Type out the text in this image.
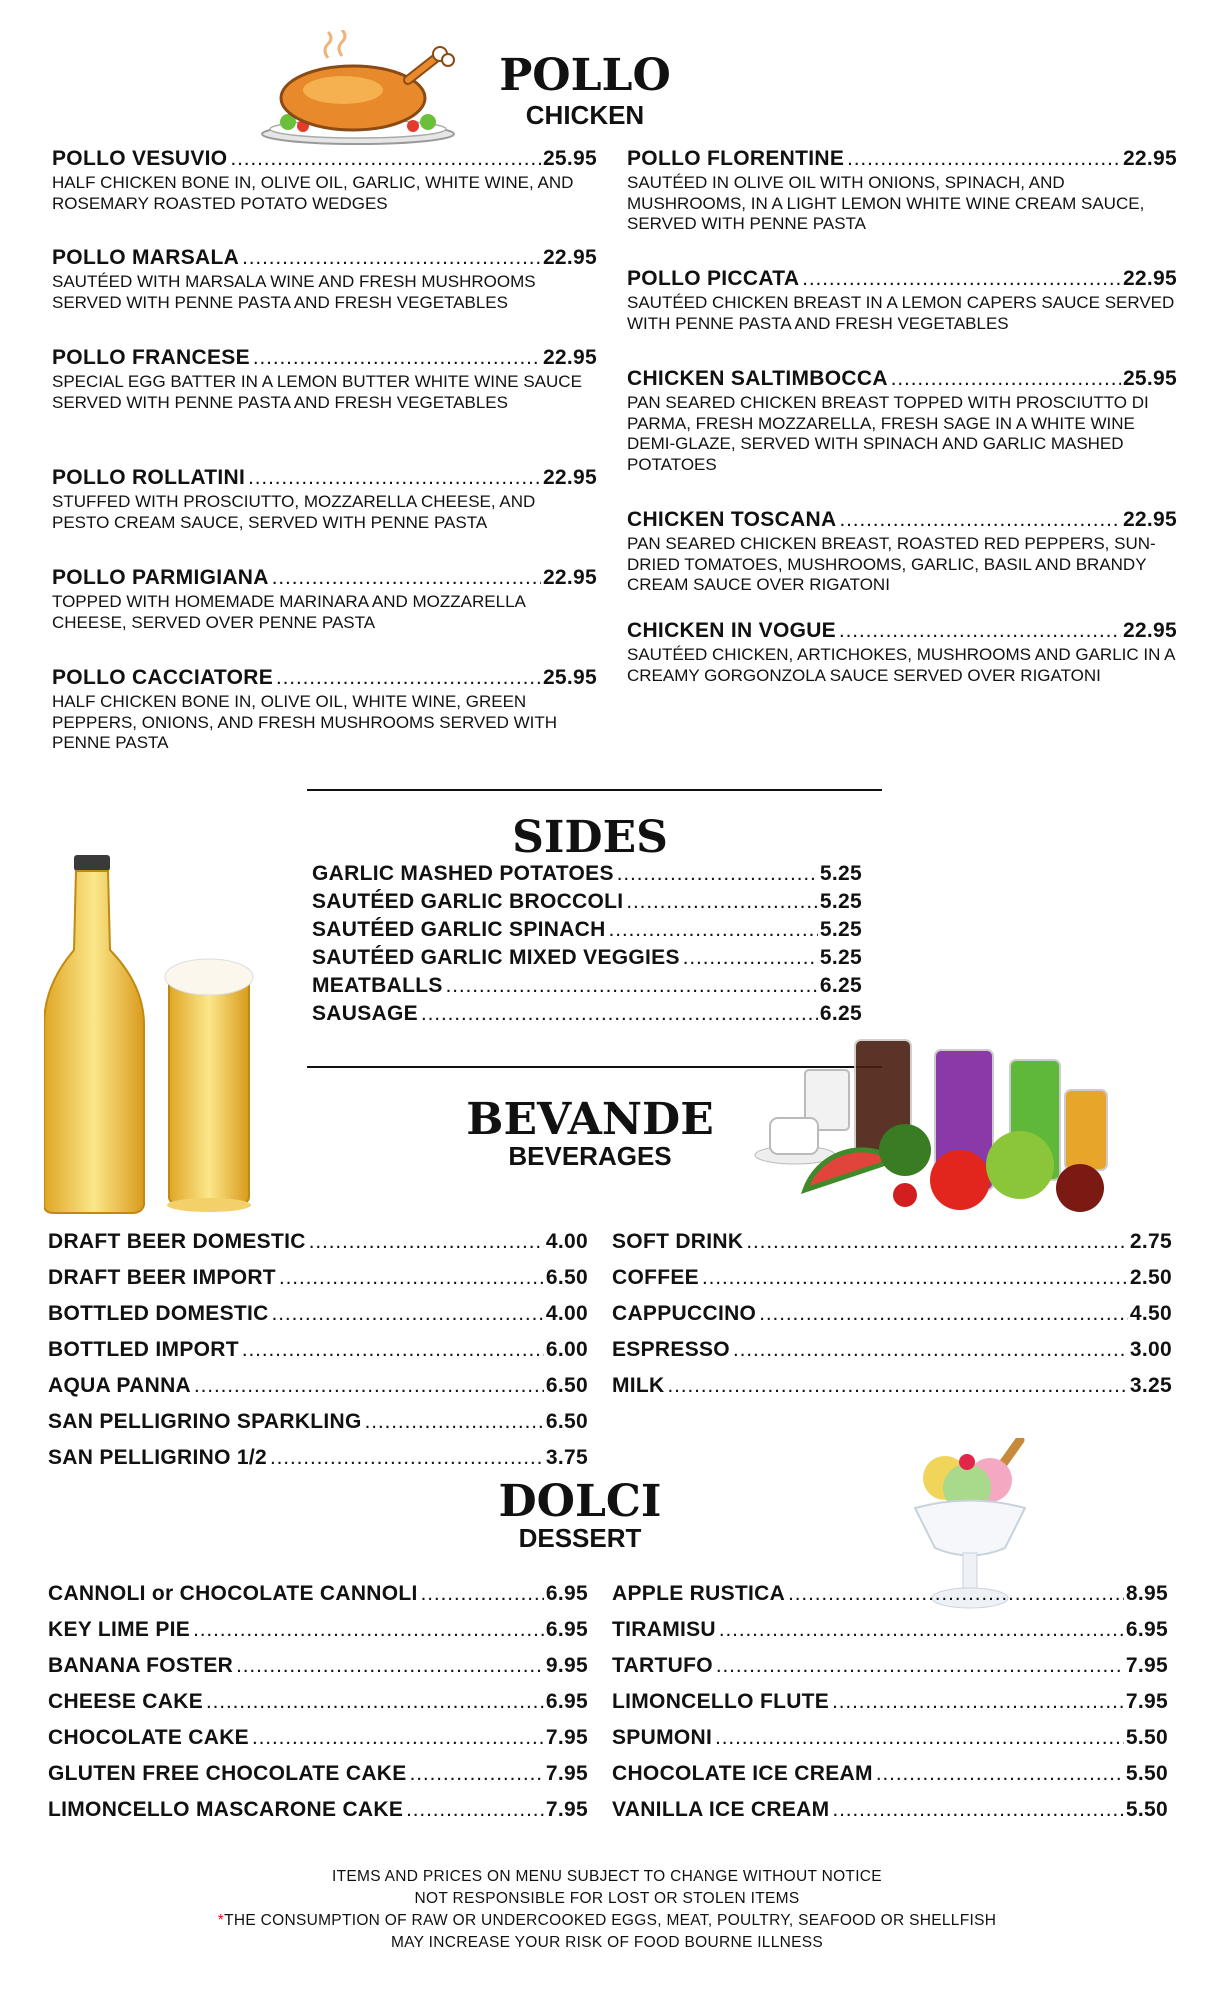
POLLO
CHICKEN
POLLO VESUVIO ………………………………………………………………………………………………………………………………………………	25.95
HALF CHICKEN BONE IN, OLIVE OIL, GARLIC, WHITE WINE, AND ROSEMARY ROASTED POTATO WEDGES
POLLO MARSALA ………………………………………………………………………………………………………………………………………………	22.95
SAUTÉED WITH MARSALA WINE AND FRESH MUSHROOMS SERVED WITH PENNE PASTA AND FRESH VEGETABLES
POLLO FRANCESE ………………………………………………………………………………………………………………………………………………	22.95
SPECIAL EGG BATTER IN A LEMON BUTTER WHITE WINE SAUCE SERVED WITH PENNE PASTA AND FRESH VEGETABLES
POLLO ROLLATINI ………………………………………………………………………………………………………………………………………………	22.95
STUFFED WITH PROSCIUTTO, MOZZARELLA CHEESE, AND PESTO CREAM SAUCE, SERVED WITH PENNE PASTA
POLLO PARMIGIANA ………………………………………………………………………………………………………………………………………………	22.95
TOPPED WITH HOMEMADE MARINARA AND MOZZARELLA CHEESE, SERVED OVER PENNE PASTA
POLLO CACCIATORE ………………………………………………………………………………………………………………………………………………	25.95
HALF CHICKEN BONE IN, OLIVE OIL, WHITE WINE, GREEN PEPPERS, ONIONS, AND FRESH MUSHROOMS SERVED WITH PENNE PASTA
POLLO FLORENTINE ………………………………………………………………………………………………………………………………………………	22.95
SAUTÉED IN OLIVE OIL WITH ONIONS, SPINACH, AND MUSHROOMS, IN A LIGHT LEMON WHITE WINE CREAM SAUCE, SERVED WITH PENNE PASTA
POLLO PICCATA ………………………………………………………………………………………………………………………………………………	22.95
SAUTÉED CHICKEN BREAST IN A LEMON CAPERS SAUCE SERVED WITH PENNE PASTA AND FRESH VEGETABLES
CHICKEN SALTIMBOCCA ………………………………………………………………………………………………………………………………………………	25.95
PAN SEARED CHICKEN BREAST TOPPED WITH PROSCIUTTO DI PARMA, FRESH MOZZARELLA, FRESH SAGE IN A WHITE WINE DEMI-GLAZE, SERVED WITH SPINACH AND GARLIC MASHED POTATOES
CHICKEN TOSCANA ………………………………………………………………………………………………………………………………………………	22.95
PAN SEARED CHICKEN BREAST, ROASTED RED PEPPERS, SUN-DRIED TOMATOES, MUSHROOMS, GARLIC, BASIL AND BRANDY CREAM SAUCE OVER RIGATONI
CHICKEN IN VOGUE ………………………………………………………………………………………………………………………………………………	22.95
SAUTÉED CHICKEN, ARTICHOKES, MUSHROOMS AND GARLIC IN A CREAMY GORGONZOLA SAUCE SERVED OVER RIGATONI
SIDES
GARLIC MASHED POTATOES ………………………………………………………………………………………………………………………………………………	5.25
SAUTÉED GARLIC BROCCOLI ………………………………………………………………………………………………………………………………………………	5.25
SAUTÉED GARLIC SPINACH ………………………………………………………………………………………………………………………………………………	5.25
SAUTÉED GARLIC MIXED VEGGIES ………………………………………………………………………………………………………………………………………………	5.25
MEATBALLS ………………………………………………………………………………………………………………………………………………	6.25
SAUSAGE ………………………………………………………………………………………………………………………………………………	6.25
BEVANDE
BEVERAGES
DRAFT BEER DOMESTIC ………………………………………………………………………………………………………………………………………………	4.00
DRAFT BEER IMPORT ………………………………………………………………………………………………………………………………………………	6.50
BOTTLED DOMESTIC ………………………………………………………………………………………………………………………………………………	4.00
BOTTLED IMPORT ………………………………………………………………………………………………………………………………………………	6.00
AQUA PANNA ………………………………………………………………………………………………………………………………………………	6.50
SAN PELLIGRINO SPARKLING ………………………………………………………………………………………………………………………………………………	6.50
SAN PELLIGRINO 1/2 ………………………………………………………………………………………………………………………………………………	3.75
SOFT DRINK ………………………………………………………………………………………………………………………………………………	2.75
COFFEE ………………………………………………………………………………………………………………………………………………	2.50
CAPPUCCINO ………………………………………………………………………………………………………………………………………………	4.50
ESPRESSO ………………………………………………………………………………………………………………………………………………	3.00
MILK ………………………………………………………………………………………………………………………………………………	3.25
DOLCI
DESSERT
CANNOLI or CHOCOLATE CANNOLI ………………………………………………………………………………………………………………………………………………	6.95
KEY LIME PIE ………………………………………………………………………………………………………………………………………………	6.95
BANANA FOSTER ………………………………………………………………………………………………………………………………………………	9.95
CHEESE CAKE ………………………………………………………………………………………………………………………………………………	6.95
CHOCOLATE CAKE ………………………………………………………………………………………………………………………………………………	7.95
GLUTEN FREE CHOCOLATE CAKE ………………………………………………………………………………………………………………………………………………	7.95
LIMONCELLO MASCARONE CAKE ………………………………………………………………………………………………………………………………………………	7.95
APPLE RUSTICA ………………………………………………………………………………………………………………………………………………	8.95
TIRAMISU ………………………………………………………………………………………………………………………………………………	6.95
TARTUFO ………………………………………………………………………………………………………………………………………………	7.95
LIMONCELLO FLUTE ………………………………………………………………………………………………………………………………………………	7.95
SPUMONI ………………………………………………………………………………………………………………………………………………	5.50
CHOCOLATE ICE CREAM ………………………………………………………………………………………………………………………………………………	5.50
VANILLA ICE CREAM ………………………………………………………………………………………………………………………………………………	5.50
ITEMS AND PRICES ON MENU SUBJECT TO CHANGE WITHOUT NOTICE
NOT RESPONSIBLE FOR LOST OR STOLEN ITEMS
*THE CONSUMPTION OF RAW OR UNDERCOOKED EGGS, MEAT, POULTRY, SEAFOOD OR SHELLFISH
MAY INCREASE YOUR RISK OF FOOD BOURNE ILLNESS
